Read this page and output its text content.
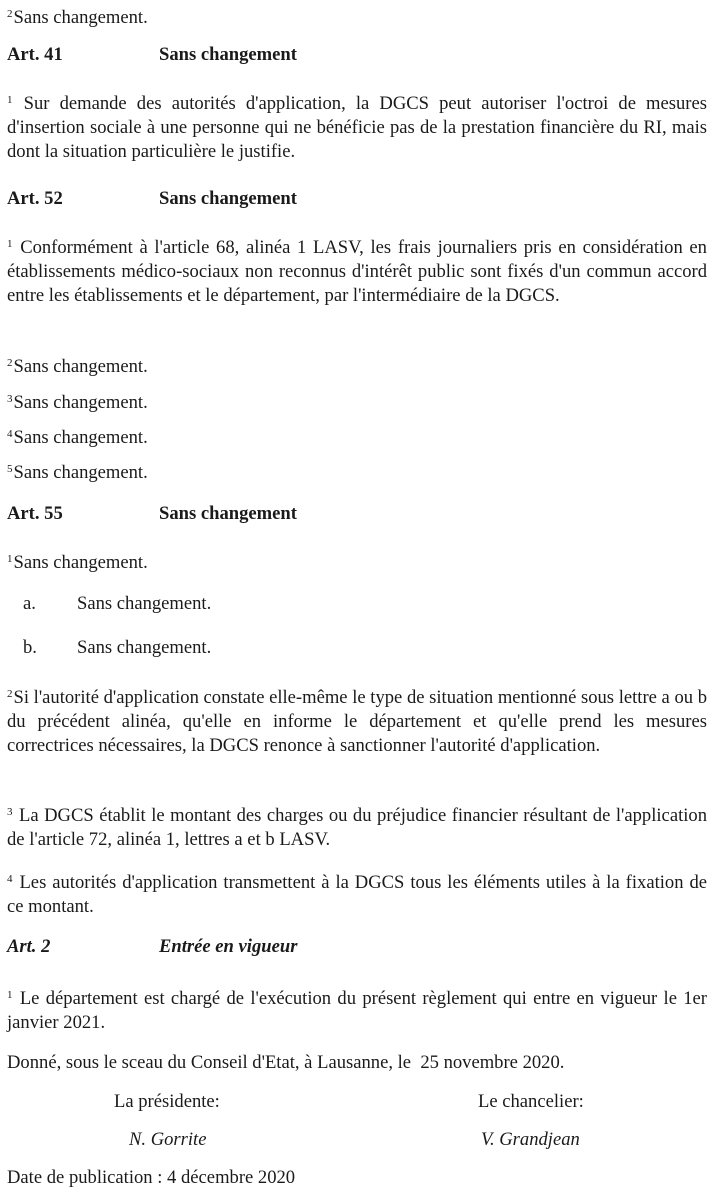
$^2$Sans changement.

Art. 41	Sans changement

$^1$ Sur demande des autorités d'application, la DGCS peut autoriser l'octroi de mesures d'insertion sociale à une personne qui ne bénéficie pas de la prestation financière du RI, mais dont la situation particulière le justifie.

Art. 52	Sans changement

$^1$ Conformément à l'article 68, alinéa 1 LASV, les frais journaliers pris en considération en établissements médico-sociaux non reconnus d'intérêt public sont fixés d'un commun accord entre les établissements et le département, par l'intermédiaire de la DGCS.

$^2$Sans changement.

$^3$Sans changement.

$^4$Sans changement.

$^5$Sans changement.

Art. 55	Sans changement

$^1$Sans changement.

a. Sans changement.
b. Sans changement.

$^2$Si l'autorité d'application constate elle-même le type de situation mentionné sous lettre a ou b du précédent alinéa, qu'elle en informe le département et qu'elle prend les mesures correctrices nécessaires, la DGCS renonce à sanctionner l'autorité d'application.

$^3$ La DGCS établit le montant des charges ou du préjudice financier résultant de l'application de l'article 72, alinéa 1, lettres a et b LASV.

$^4$ Les autorités d'application transmettent à la DGCS tous les éléments utiles à la fixation de ce montant.

Art. 2	Entrée en vigueur

$^1$ Le département est chargé de l'exécution du présent règlement qui entre en vigueur le 1er janvier 2021.

Donné, sous le sceau du Conseil d'Etat, à Lausanne, le  25 novembre 2020.

La présidente:	Le chancelier:
N. Gorrite	V. Grandjean

Date de publication : 4 décembre 2020
